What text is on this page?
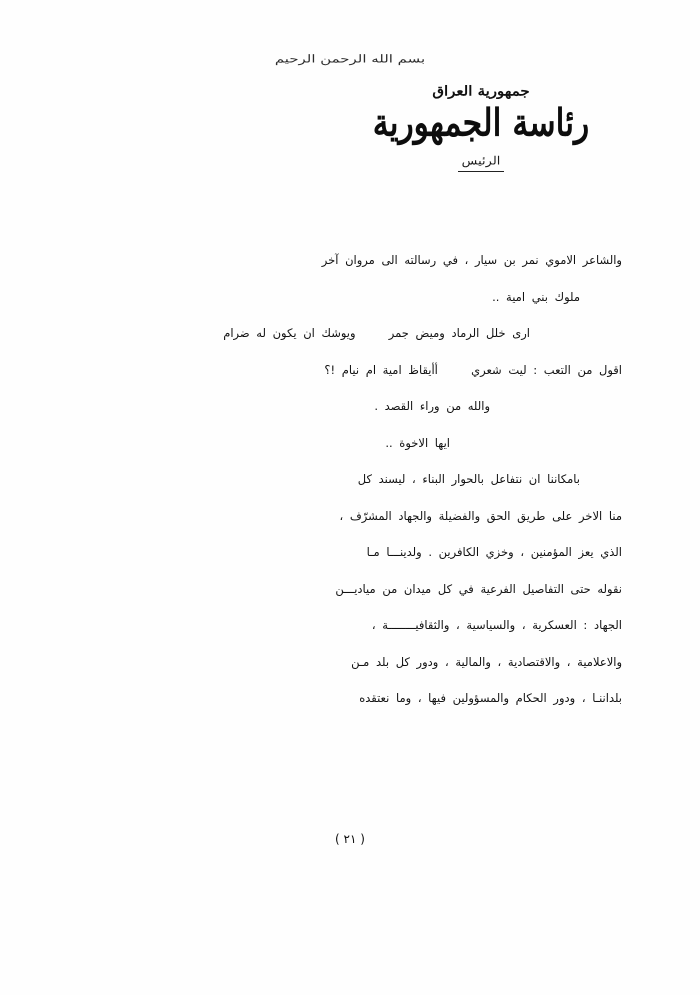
بسم الله الرحمن الرحيم
جمهورية العراق
رئاسة الجمهورية
الرئيس
والشاعر الاموي نمر بن سيار ، في رسالته الى مروان آخر
ملوك بني امية ..
ارى خلل الرماد ومیض جمر     ويوشك ان يكون له ضرام
اقول من التعب : ليت شعري     أأيقاظ امية ام نيام !؟
والله من وراء القصد .
ايها الاخوة ..
بامكاننا ان نتفاعل بالحوار البناء ، ليسند كل
منا الاخر على طريق الحق والفضيلة والجهاد المشرّف ،
الذي يعز المؤمنين ، وخزي الكافرين . ولدينـــا مـا
نقوله حتى التفاصيل الفرعية في كل ميدان من ميادیـــن
الجهاد : العسكرية ، والسياسية ، والثقافيــــــــة ،
والاعلامية ، والاقتصادية ، والمالية ، ودور كل بلد مـن
بلداننـا ، ودور الحكام والمسؤولين فيها ، وما نعتقده
( ٢١ )
